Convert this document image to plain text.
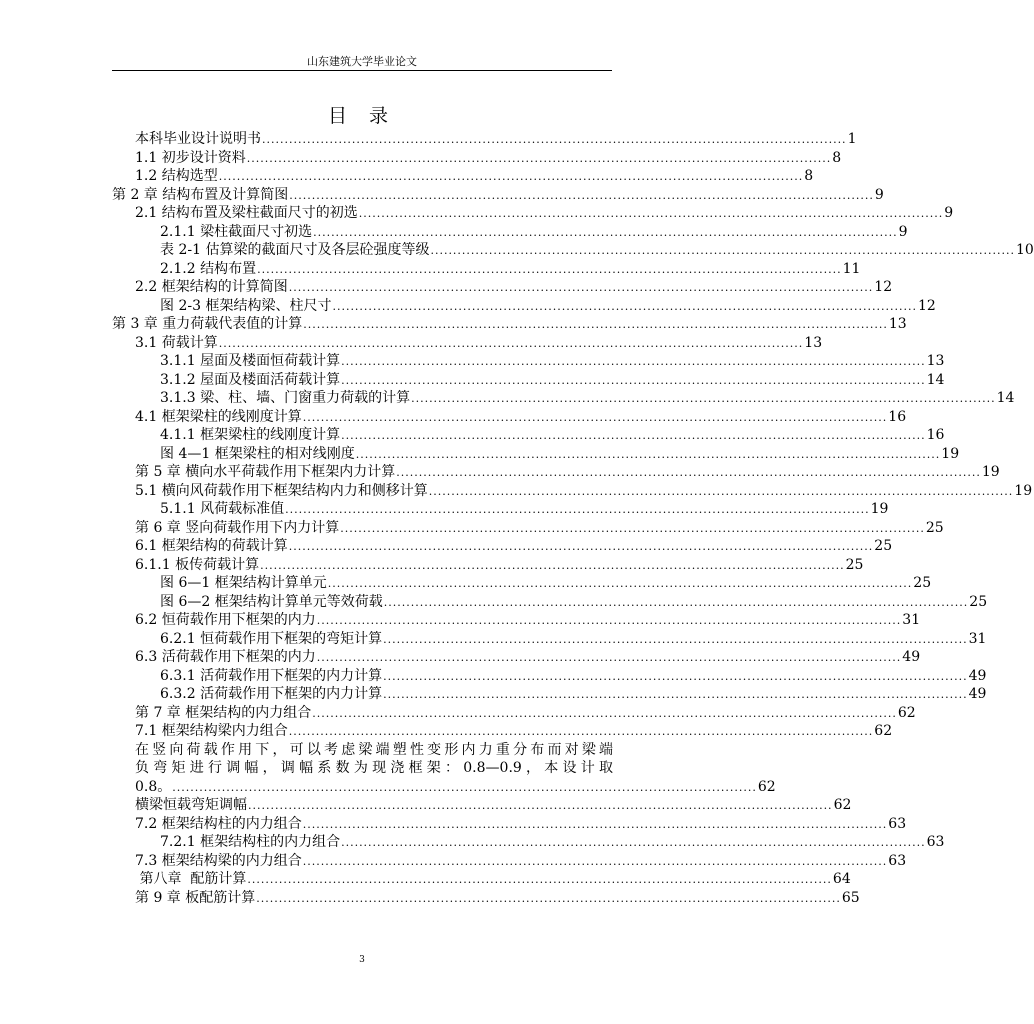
山东建筑大学毕业论文
目 录
本科毕业设计说明书 .................................................................................................................................. 1
1.1 初步设计资料 .................................................................................................................................. 8
1.2 结构选型 .................................................................................................................................. 8
第 2 章 结构布置及计算简图 .................................................................................................................................. 9
2.1 结构布置及梁柱截面尺寸的初选 .................................................................................................................................. 9
2.1.1 梁柱截面尺寸初选 .................................................................................................................................. 9
表 2-1 估算梁的截面尺寸及各层砼强度等级 .................................................................................................................................. 10
2.1.2 结构布置 .................................................................................................................................. 11
2.2 框架结构的计算简图 .................................................................................................................................. 12
图 2-3 框架结构梁、柱尺寸 .................................................................................................................................. 12
第 3 章 重力荷载代表值的计算 .................................................................................................................................. 13
3.1 荷载计算 .................................................................................................................................. 13
3.1.1 屋面及楼面恒荷载计算 .................................................................................................................................. 13
3.1.2 屋面及楼面活荷载计算 .................................................................................................................................. 14
3.1.3 梁、柱、墙、门窗重力荷载的计算 .................................................................................................................................. 14
4.1 框架梁柱的线刚度计算 .................................................................................................................................. 16
4.1.1 框架梁柱的线刚度计算 .................................................................................................................................. 16
图 4—1 框架梁柱的相对线刚度 .................................................................................................................................. 19
第 5 章 横向水平荷载作用下框架内力计算 .................................................................................................................................. 19
5.1 横向风荷载作用下框架结构内力和侧移计算 .................................................................................................................................. 19
5.1.1 风荷载标准值 .................................................................................................................................. 19
第 6 章 竖向荷载作用下内力计算 .................................................................................................................................. 25
6.1 框架结构的荷载计算 .................................................................................................................................. 25
6.1.1 板传荷载计算 .................................................................................................................................. 25
图 6—1 框架结构计算单元 .................................................................................................................................. 25
图 6—2 框架结构计算单元等效荷载 .................................................................................................................................. 25
6.2 恒荷载作用下框架的内力 .................................................................................................................................. 31
6.2.1 恒荷载作用下框架的弯矩计算 .................................................................................................................................. 31
6.3 活荷载作用下框架的内力 .................................................................................................................................. 49
6.3.1 活荷载作用下框架的内力计算 .................................................................................................................................. 49
6.3.2 活荷载作用下框架的内力计算 .................................................................................................................................. 49
第 7 章 框架结构的内力组合 .................................................................................................................................. 62
7.1 框架结构梁内力组合 .................................................................................................................................. 62
在竖向荷载作用下，可以考虑梁端塑性变形内力重分布而对梁端
负弯矩进行调幅，调幅系数为现浇框架：0.8—0.9，本设计取
0.8。 .................................................................................................................................. 62
横梁恒载弯矩调幅 .................................................................................................................................. 62
7.2 框架结构柱的内力组合 .................................................................................................................................. 63
7.2.1 框架结构柱的内力组合 .................................................................................................................................. 63
7.3 框架结构梁的内力组合 .................................................................................................................................. 63
第八章  配筋计算 .................................................................................................................................. 64
第 9 章 板配筋计算 .................................................................................................................................. 65
3
